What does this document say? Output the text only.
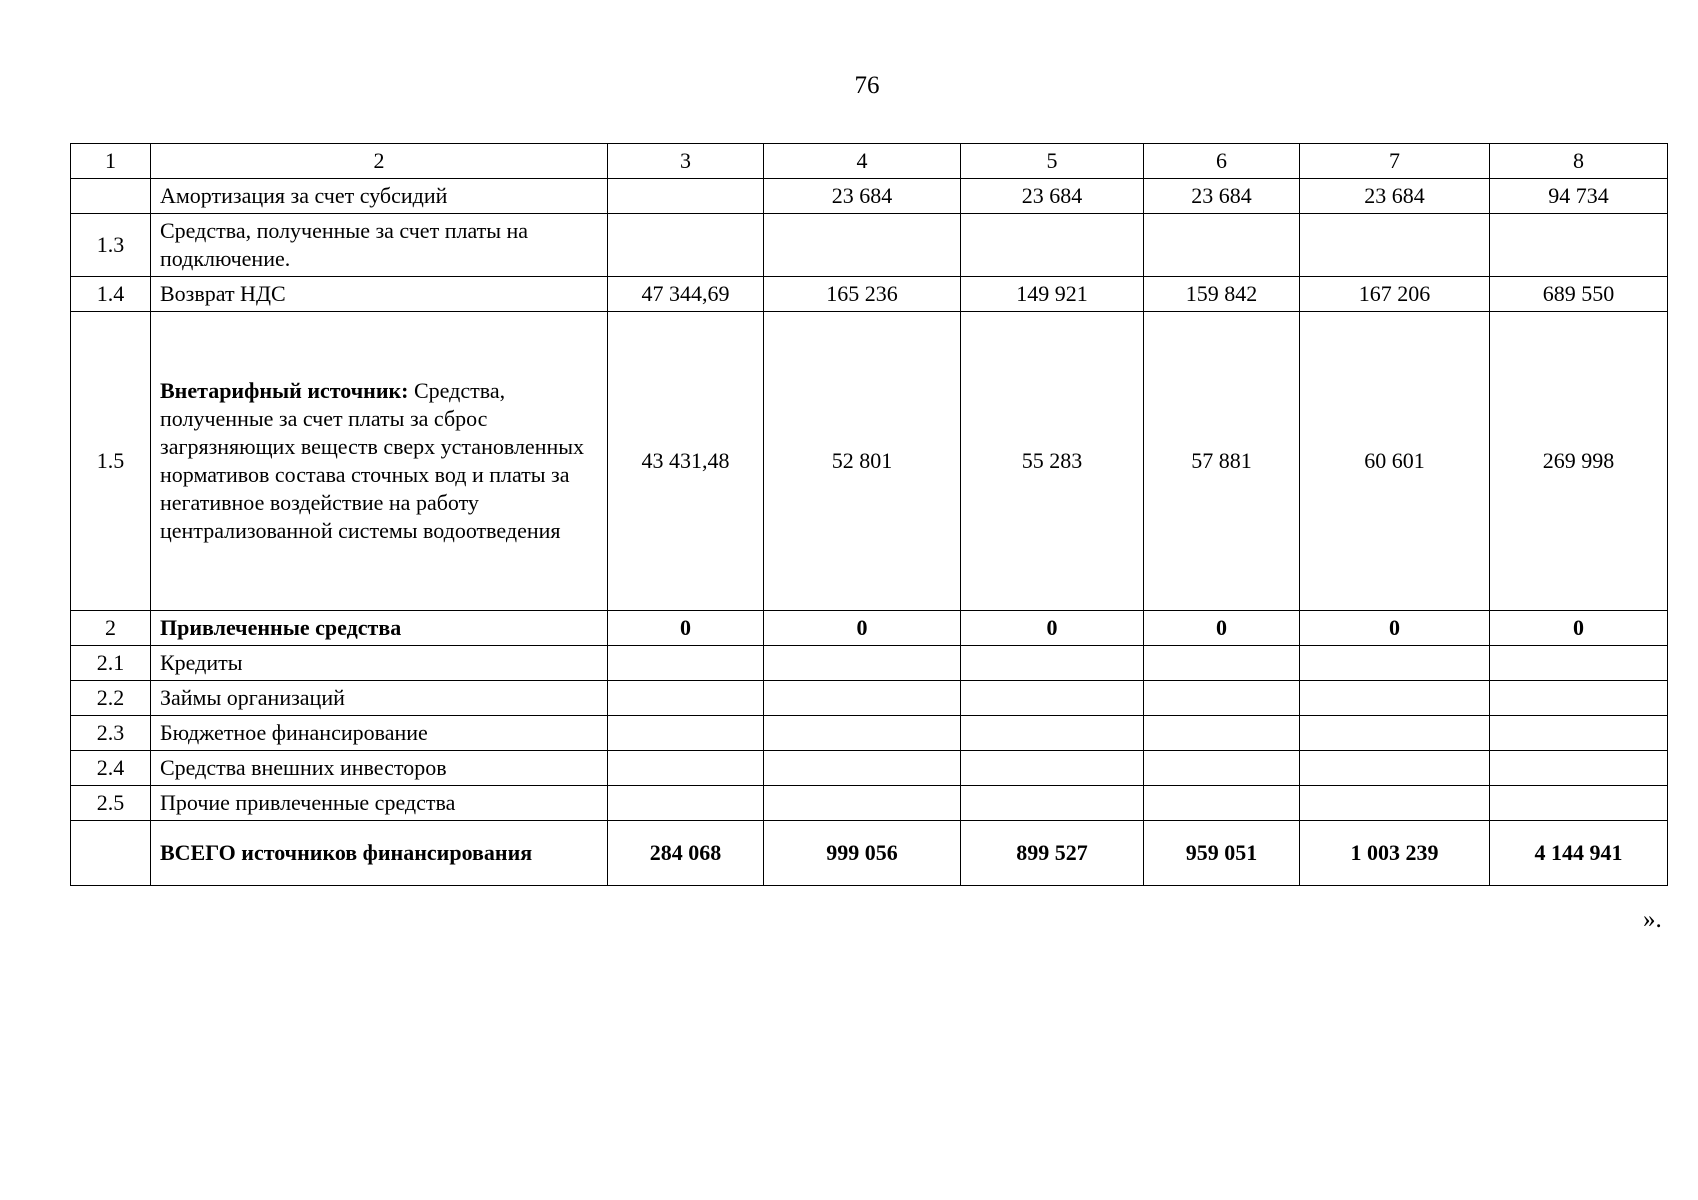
76
1	2	3	4	5	6	7	8
	Амортизация за счет субсидий		23 684	23 684	23 684	23 684	94 734
1.3	Средства, полученные за счет платы на подключение.						
1.4	Возврат НДС	47 344,69	165 236	149 921	159 842	167 206	689 550
1.5	Внетарифный источник: Средства, полученные за счет платы за сброс загрязняющих веществ сверх установленных нормативов состава сточных вод и платы за негативное воздействие на работу централизованной системы водоотведения	43 431,48	52 801	55 283	57 881	60 601	269 998
2	Привлеченные средства	0	0	0	0	0	0
2.1	Кредиты						
2.2	Займы организаций						
2.3	Бюджетное финансирование						
2.4	Средства внешних инвесторов						
2.5	Прочие привлеченные средства						
	ВСЕГО источников финансирования	284 068	999 056	899 527	959 051	1 003 239	4 144 941
».
